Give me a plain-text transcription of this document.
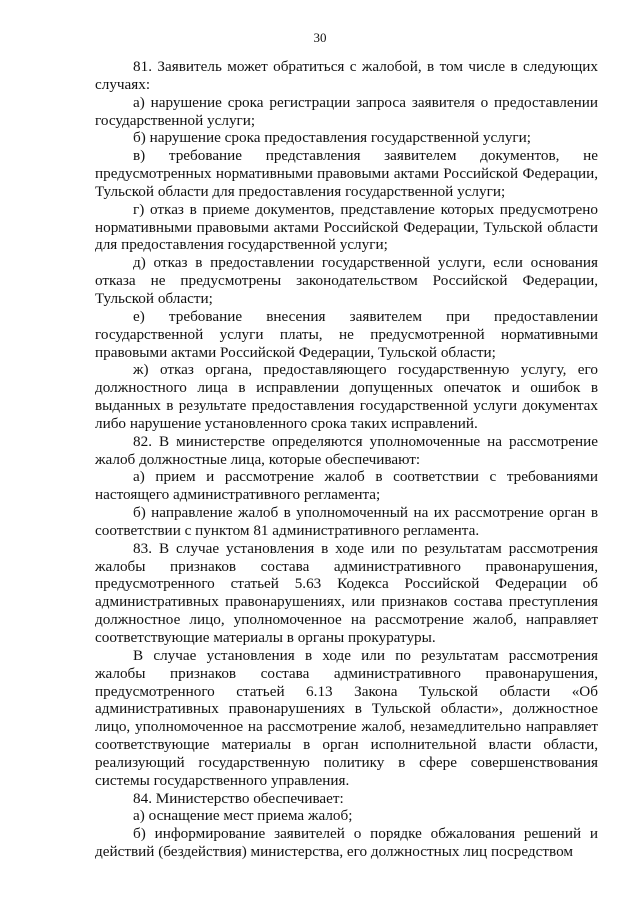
30

81. Заявитель может обратиться с жалобой, в том числе в следующих случаях:

а) нарушение срока регистрации запроса заявителя о предоставлении государственной услуги;

б) нарушение срока предоставления государственной услуги;

в) требование представления заявителем документов, не предусмотренных нормативными правовыми актами Российской Федерации, Тульской области для предоставления государственной услуги;

г) отказ в приеме документов, представление которых предусмотрено нормативными правовыми актами Российской Федерации, Тульской области для предоставления государственной услуги;

д) отказ в предоставлении государственной услуги, если основания отказа не предусмотрены законодательством Российской Федерации, Тульской области;

е) требование внесения заявителем при предоставлении государственной услуги платы, не предусмотренной нормативными правовыми актами Российской Федерации, Тульской области;

ж) отказ органа, предоставляющего государственную услугу, его должностного лица в исправлении допущенных опечаток и ошибок в выданных в результате предоставления государственной услуги документах либо нарушение установленного срока таких исправлений.

82. В министерстве определяются уполномоченные на рассмотрение жалоб должностные лица, которые обеспечивают:

а) прием и рассмотрение жалоб в соответствии с требованиями настоящего административного регламента;

б) направление жалоб в уполномоченный на их рассмотрение орган в соответствии с пунктом 81 административного регламента.

83. В случае установления в ходе или по результатам рассмотрения жалобы признаков состава административного правонарушения, предусмотренного статьей 5.63 Кодекса Российской Федерации об административных правонарушениях, или признаков состава преступления должностное лицо, уполномоченное на рассмотрение жалоб, направляет соответствующие материалы в органы прокуратуры.

В случае установления в ходе или по результатам рассмотрения жалобы признаков состава административного правонарушения, предусмотренного статьей 6.13 Закона Тульской области «Об административных правонарушениях в Тульской области», должностное лицо, уполномоченное на рассмотрение жалоб, незамедлительно направляет соответствующие материалы в орган исполнительной власти области, реализующий государственную политику в сфере совершенствования системы государственного управления.

84. Министерство обеспечивает:

а) оснащение мест приема жалоб;

б) информирование заявителей о порядке обжалования решений и действий (бездействия) министерства, его должностных лиц посредством
